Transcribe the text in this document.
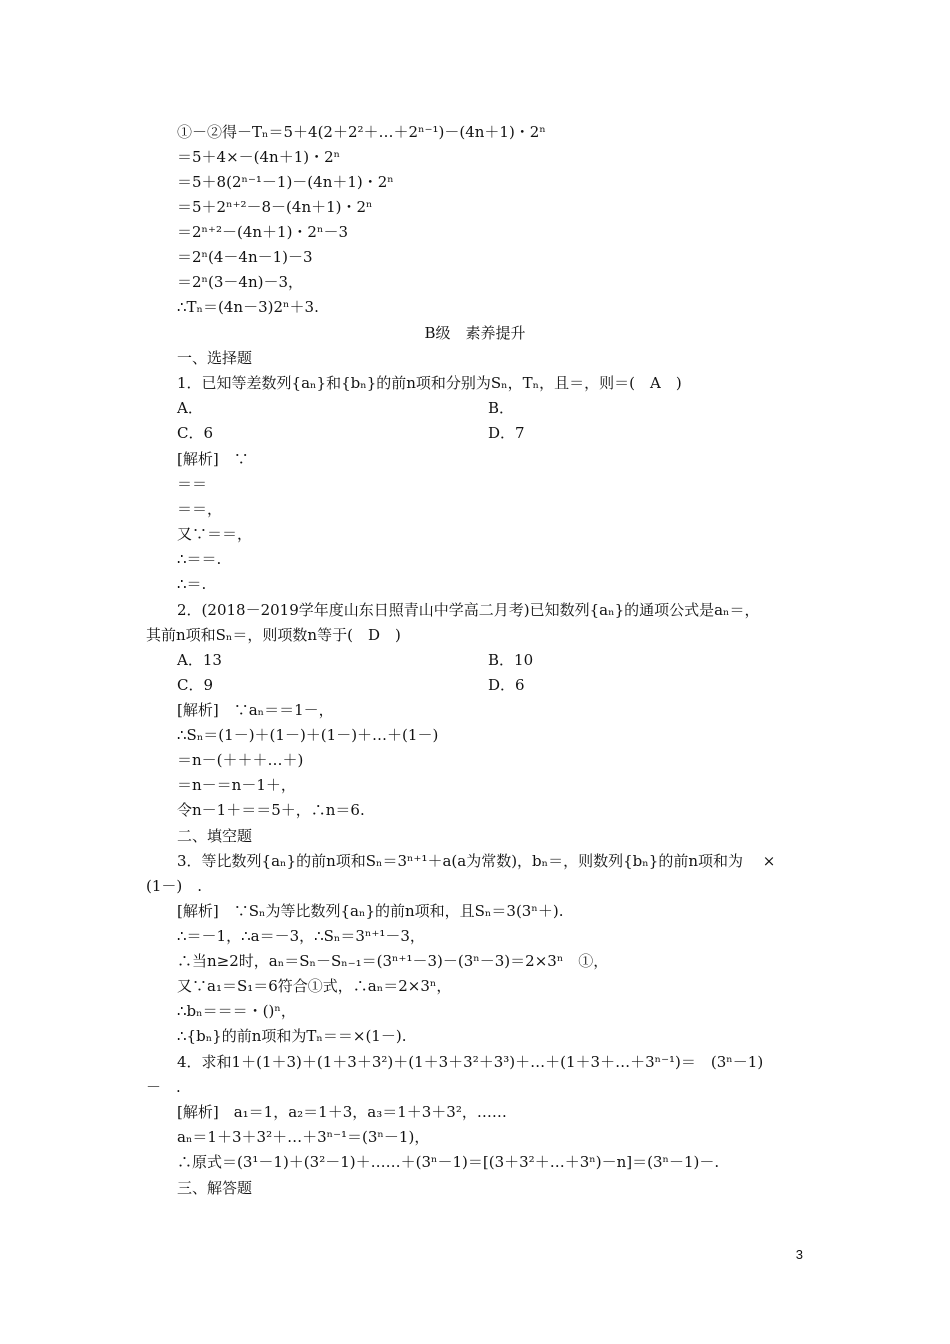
①－②得－Tₙ＝5＋4(2＋2²＋…＋2ⁿ⁻¹)－(4n＋1)・2ⁿ
＝5＋4×－(4n＋1)・2ⁿ
＝5＋8(2ⁿ⁻¹－1)－(4n＋1)・2ⁿ
＝5＋2ⁿ⁺²－8－(4n＋1)・2ⁿ
＝2ⁿ⁺²－(4n＋1)・2ⁿ－3
＝2ⁿ(4－4n－1)－3
＝2ⁿ(3－4n)－3，
∴Tₙ＝(4n－3)2ⁿ＋3.
B级　素养提升
一、选择题
1．已知等差数列{aₙ}和{bₙ}的前n项和分别为Sₙ，Tₙ，且＝，则＝(　A　)
A．	B．
C．6	D．7
[解析]　∵
＝＝
＝＝，
又∵＝＝，
∴＝＝.
∴＝.
2．(2018－2019学年度山东日照青山中学高二月考)已知数列{aₙ}的通项公式是aₙ＝，
其前n项和Sₙ＝，则项数n等于(　D　)
A．13	B．10
C．9	D．6
[解析]　∵aₙ＝＝1－，
∴Sₙ＝(1－)＋(1－)＋(1－)＋…＋(1－)
＝n－(＋＋＋…＋)
＝n－＝n－1＋，
令n－1＋＝＝5＋，∴n＝6.
二、填空题
3．等比数列{aₙ}的前n项和Sₙ＝3ⁿ⁺¹＋a(a为常数)，bₙ＝，则数列{bₙ}的前n项和为　 ×
(1－)　.
[解析]　∵Sₙ为等比数列{aₙ}的前n项和，且Sₙ＝3(3ⁿ＋).
∴＝－1，∴a＝－3，∴Sₙ＝3ⁿ⁺¹－3，
∴当n≥2时，aₙ＝Sₙ－Sₙ₋₁＝(3ⁿ⁺¹－3)－(3ⁿ－3)＝2×3ⁿ　①，
又∵a₁＝S₁＝6符合①式，∴aₙ＝2×3ⁿ，
∴bₙ＝＝＝・()ⁿ，
∴{bₙ}的前n项和为Tₙ＝＝×(1－).
4．求和1＋(1＋3)＋(1＋3＋3²)＋(1＋3＋3²＋3³)＋…＋(1＋3＋…＋3ⁿ⁻¹)＝　(3ⁿ－1)
－　.
[解析]　a₁＝1，a₂＝1＋3，a₃＝1＋3＋3²，……
aₙ＝1＋3＋3²＋…＋3ⁿ⁻¹＝(3ⁿ－1)，
∴原式＝(3¹－1)＋(3²－1)＋……＋(3ⁿ－1)＝[(3＋3²＋…＋3ⁿ)－n]＝(3ⁿ－1)－.
三、解答题
3
